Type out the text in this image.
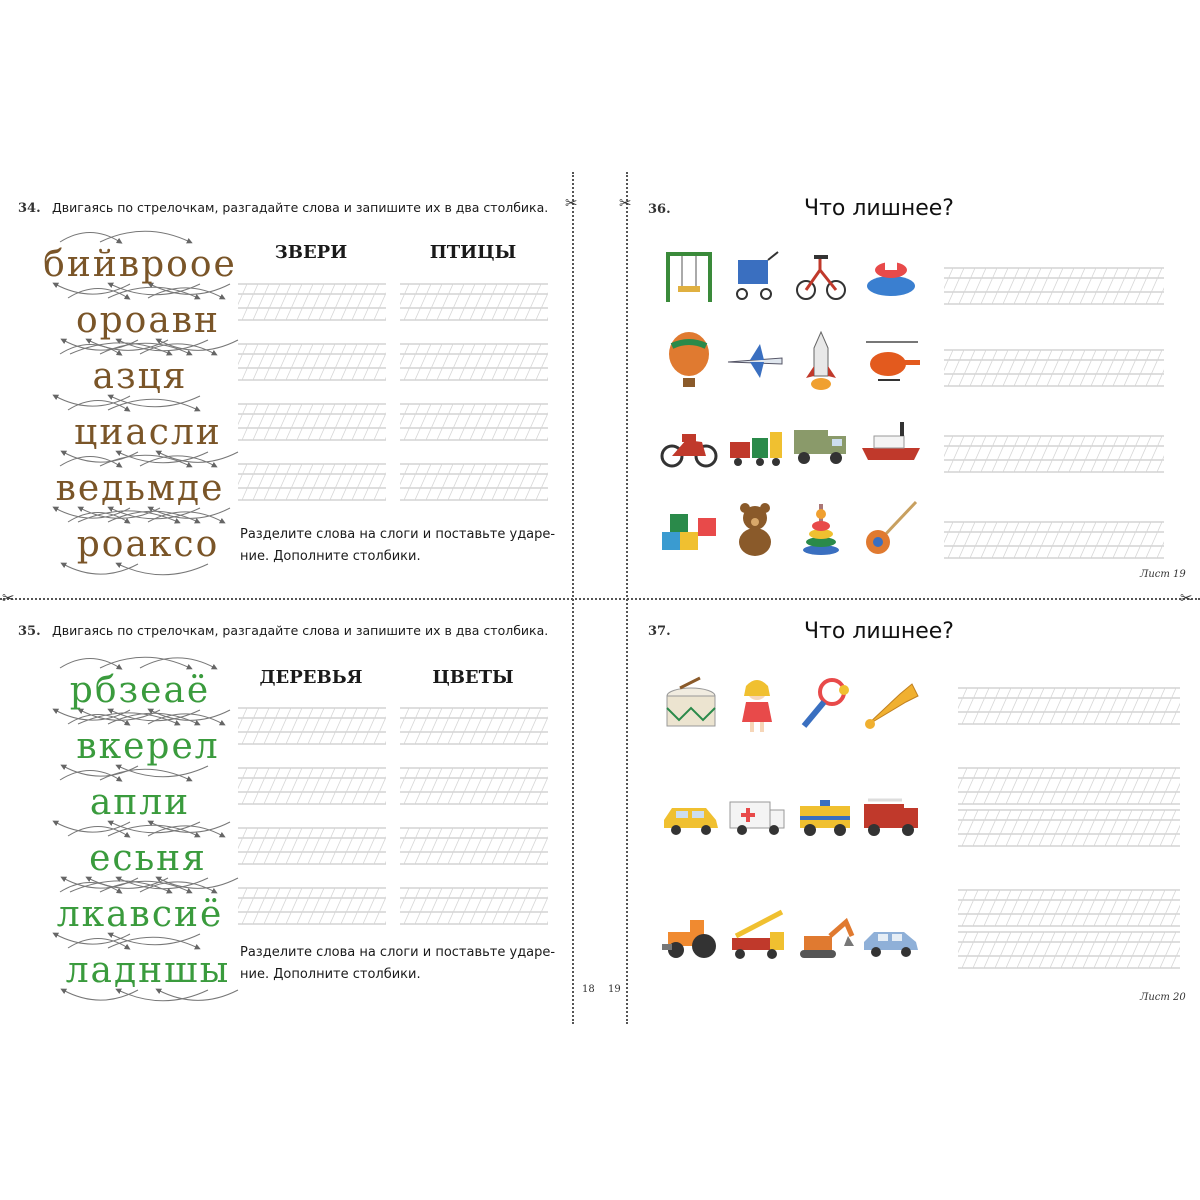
✂	✂
✂	✂
34. Двигаясь по стрелочкам, разгадайте слова и запишите их в два столбика.
ЗВЕРИ	ПТИЦЫ
бийвроое
ороавн
азця
циасли
ведьмде
роаксо	Разделите слова на слоги и поставьте ударе-ние. Дополните столбики.
36.	Что лишнее?
Лист 19
35. Двигаясь по стрелочкам, разгадайте слова и запишите их в два столбика.
ДЕРЕВЬЯ	ЦВЕТЫ
рбзеаё
вкерел
апли
есьня
лкавсиё
ладншы Разделите слова на слоги и поставьте ударе-ние. Дополните столбики.
18 19
37.	Что лишнее?
Лист 20
